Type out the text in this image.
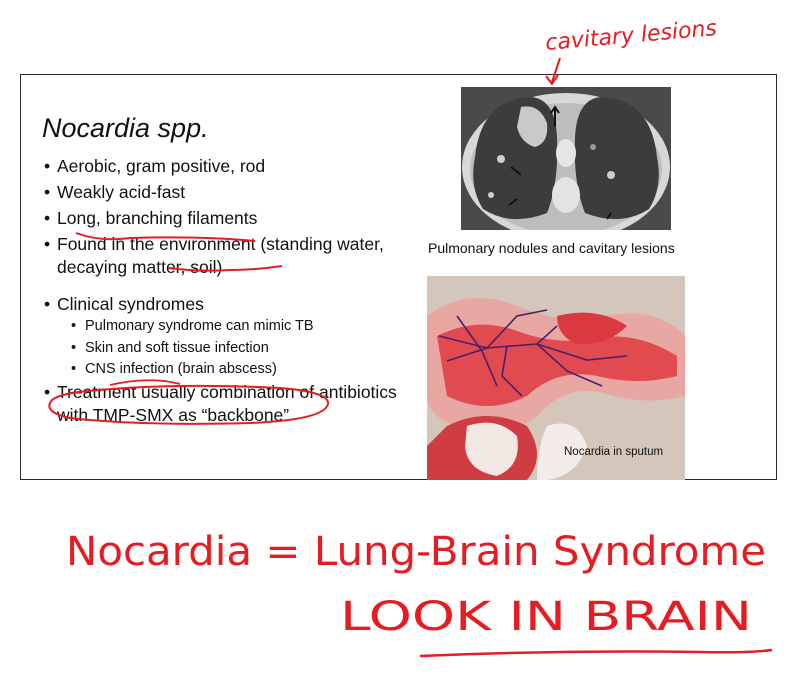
Nocardia spp.
• Aerobic, gram positive, rod
• Weakly acid-fast
• Long, branching filaments
• Found in the environment (standing water, decaying matter, soil)
• Clinical syndromes
• Pulmonary syndrome can mimic TB
• Skin and soft tissue infection
• CNS infection (brain abscess)
• Treatment usually combination of antibiotics with TMP-SMX as “backbone”
Pulmonary nodules and cavitary lesions
Nocardia in sputum
cavitary lesions
Nocardia = Lung-Brain Syndrome
LOOK IN BRAIN
